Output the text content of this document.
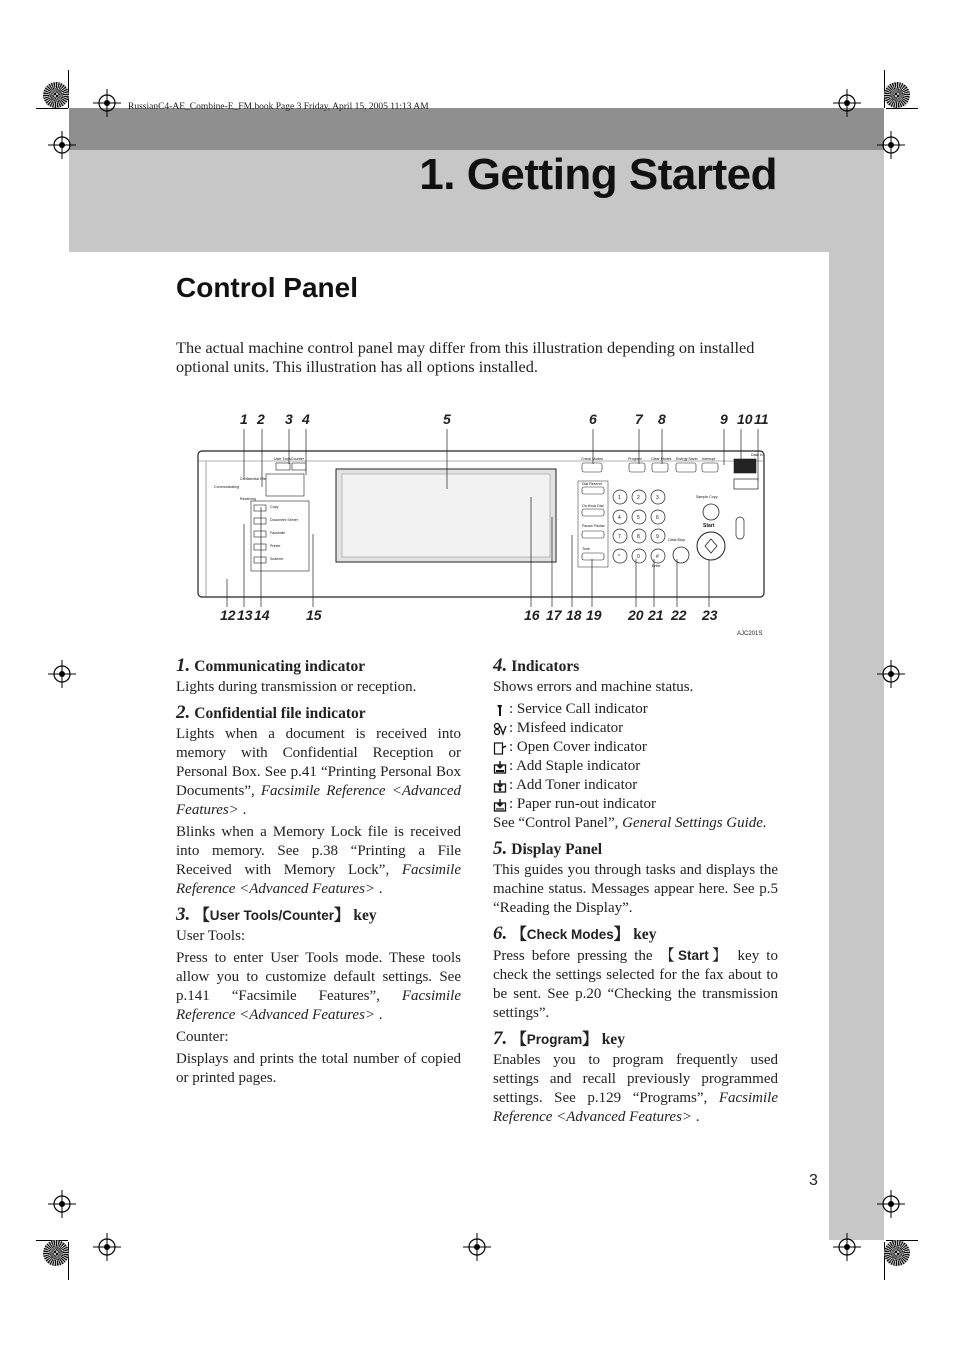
RussianC4-AE_Combine-E_FM.book Page 3 Friday, April 15, 2005 11:13 AM
1. Getting Started
Control Panel
The actual machine control panel may differ from this illustration depending on installed optional units. This illustration has all options installed.
1 2 3 4	5	6	7 8	9 10 11
12 13 14	15	16 17 18 19 20 21 22 23
User Tools Counter	Check Modes	Program	Clear Modes Energy Saver Interrupt
Confidential File
Receiving
Data In
Communicating
Copy
Document Server
Facsimile
Printer
Scanner
Dial Resend
On Hook Dial
Pause/ Redial
Tone
Sample Copy
Clear/Stop
Start
Enter
1	2	3
4	5	6
7	8	9
*	0	#
AJC201S
1. Communicating indicator

Lights during transmission or reception.

2. Confidential file indicator

Lights when a document is received into memory with Confidential Reception or Personal Box. See p.41 “Printing Personal Box Documents”, Facsimile Reference <Advanced Features> .

Blinks when a Memory Lock file is received into memory. See p.38 “Printing a File Received with Memory Lock”, Facsimile Reference <Advanced Features> .

3. 【User Tools/Counter】 key

User Tools:

Press to enter User Tools mode. These tools allow you to customize default settings. See p.141 “Facsimile Features”, Facsimile Reference <Advanced Features> .

Counter:

Displays and prints the total number of copied or printed pages.

4. Indicators

Shows errors and machine status.

: Service Call indicator
: Misfeed indicator
: Open Cover indicator
: Add Staple indicator
: Add Toner indicator
: Paper run-out indicator

See “Control Panel”, General Settings Guide.

5. Display Panel

This guides you through tasks and displays the machine status. Messages appear here. See p.5 “Reading the Display”.

6. 【Check Modes】 key

Press before pressing the 【Start】 key to check the settings selected for the fax about to be sent. See p.20 “Checking the transmission settings”.

7. 【Program】 key

Enables you to program frequently used settings and recall previously programmed settings. See p.129 “Programs”, Facsimile Reference <Advanced Features> .

3
